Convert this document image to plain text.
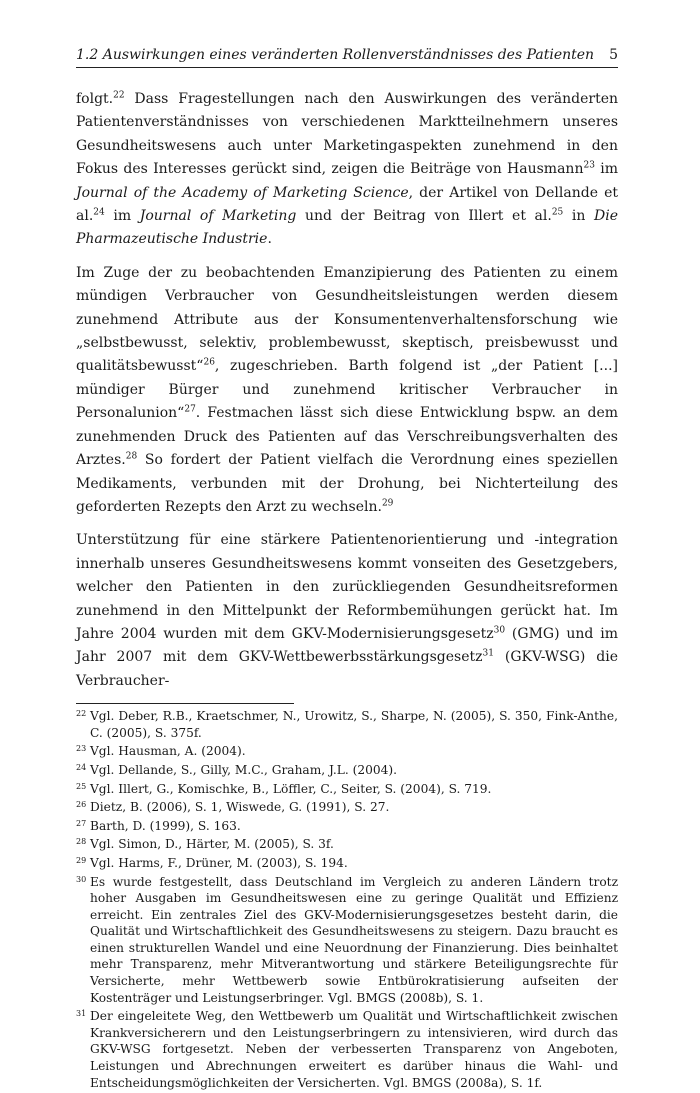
1.2 Auswirkungen eines veränderten Rollenverständnisses des Patienten 5

folgt.$^{22}$ Dass Fragestellungen nach den Auswirkungen des veränderten Patientenverständnisses von verschiedenen Marktteilnehmern unseres Gesundheitswesens auch unter Marketingaspekten zunehmend in den Fokus des Interesses gerückt sind, zeigen die Beiträge von Hausmann$^{23}$ im Journal of the Academy of Marketing Science, der Artikel von Dellande et al.$^{24}$ im Journal of Marketing und der Beitrag von Illert et al.$^{25}$ in Die Pharmazeutische Industrie.

Im Zuge der zu beobachtenden Emanzipierung des Patienten zu einem mündigen Verbraucher von Gesundheitsleistungen werden diesem zunehmend Attribute aus der Konsumentenverhaltensforschung wie „selbstbewusst, selektiv, problembewusst, skeptisch, preisbewusst und qualitätsbewusst“$^{26}$, zugeschrieben. Barth folgend ist „der Patient [...] mündiger Bürger und zunehmend kritischer Verbraucher in Personalunion“$^{27}$. Festmachen lässt sich diese Entwicklung bspw. an dem zunehmenden Druck des Patienten auf das Verschreibungsverhalten des Arztes.$^{28}$ So fordert der Patient vielfach die Verordnung eines speziellen Medikaments, verbunden mit der Drohung, bei Nichterteilung des geforderten Rezepts den Arzt zu wechseln.$^{29}$

Unterstützung für eine stärkere Patientenorientierung und -integration innerhalb unseres Gesundheitswesens kommt vonseiten des Gesetzgebers, welcher den Patienten in den zurückliegenden Gesundheitsreformen zunehmend in den Mittelpunkt der Reformbemühungen gerückt hat. Im Jahre 2004 wurden mit dem GKV-Modernisierungsgesetz$^{30}$ (GMG) und im Jahr 2007 mit dem GKV-Wettbewerbsstärkungsgesetz$^{31}$ (GKV-WSG) die Verbraucher-

22 Vgl. Deber, R.B., Kraetschmer, N., Urowitz, S., Sharpe, N. (2005), S. 350, Fink-Anthe, C. (2005), S. 375f.
23 Vgl. Hausman, A. (2004).
24 Vgl. Dellande, S., Gilly, M.C., Graham, J.L. (2004).
25 Vgl. Illert, G., Komischke, B., Löffler, C., Seiter, S. (2004), S. 719.
26 Dietz, B. (2006), S. 1, Wiswede, G. (1991), S. 27.
27 Barth, D. (1999), S. 163.
28 Vgl. Simon, D., Härter, M. (2005), S. 3f.
29 Vgl. Harms, F., Drüner, M. (2003), S. 194.
30 Es wurde festgestellt, dass Deutschland im Vergleich zu anderen Ländern trotz hoher Ausgaben im Gesundheitswesen eine zu geringe Qualität und Effizienz erreicht. Ein zentrales Ziel des GKV-Modernisierungsgesetzes besteht darin, die Qualität und Wirtschaftlichkeit des Gesundheitswesens zu steigern. Dazu braucht es einen strukturellen Wandel und eine Neuordnung der Finanzierung. Dies beinhaltet mehr Transparenz, mehr Mitverantwortung und stärkere Beteiligungsrechte für Versicherte, mehr Wettbewerb sowie Entbürokratisierung aufseiten der Kostenträger und Leistungserbringer. Vgl. BMGS (2008b), S. 1.
31 Der eingeleitete Weg, den Wettbewerb um Qualität und Wirtschaftlichkeit zwischen Krankversicherern und den Leistungserbringern zu intensivieren, wird durch das GKV-WSG fortgesetzt. Neben der verbesserten Transparenz von Angeboten, Leistungen und Abrechnungen erweitert es darüber hinaus die Wahl- und Entscheidungsmöglichkeiten der Versicherten. Vgl. BMGS (2008a), S. 1f.
